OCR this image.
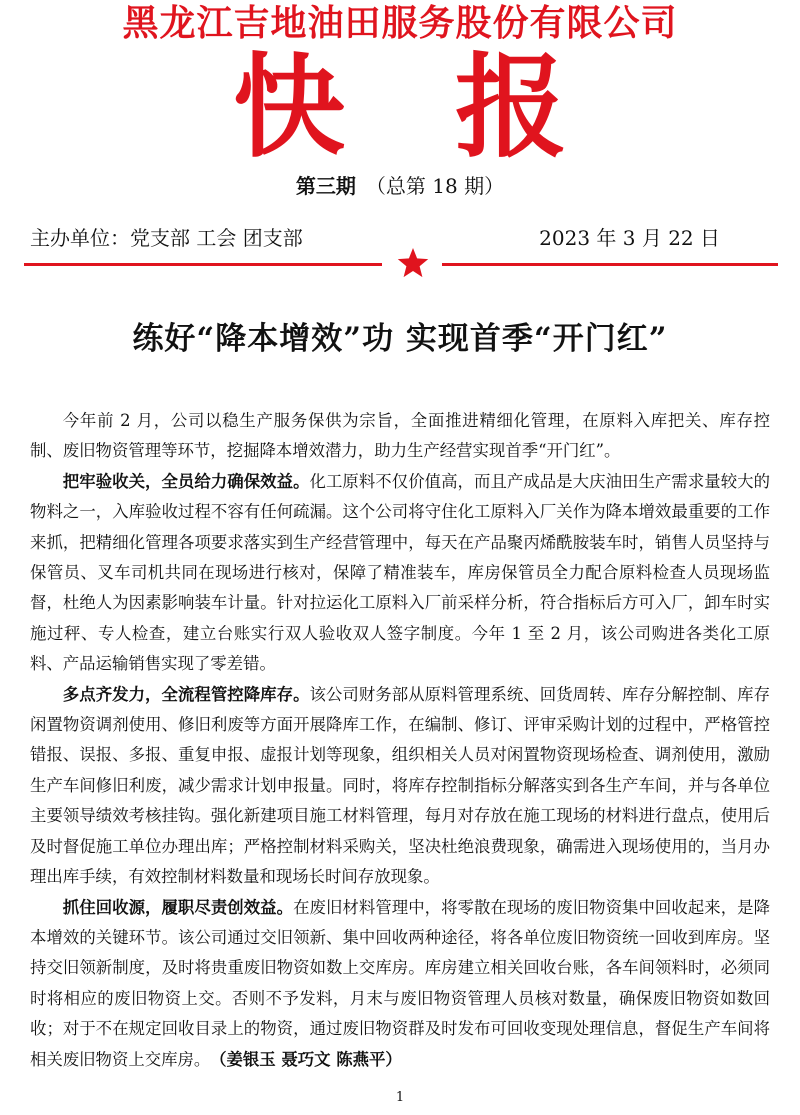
黑龙江吉地油田服务股份有限公司
快报
第三期 （总第 18 期）
主办单位：党支部 工会 团支部	2023 年 3 月 22 日
练好“降本增效”功 实现首季“开门红”

今年前 2 月，公司以稳生产服务保供为宗旨，全面推进精细化管理，在原料入库把关、库存控制、废旧物资管理等环节，挖掘降本增效潜力，助力生产经营实现首季“开门红”。

把牢验收关，全员给力确保效益。化工原料不仅价值高，而且产成品是大庆油田生产需求量较大的物料之一，入库验收过程不容有任何疏漏。这个公司将守住化工原料入厂关作为降本增效最重要的工作来抓，把精细化管理各项要求落实到生产经营管理中，每天在产品聚丙烯酰胺装车时，销售人员坚持与保管员、叉车司机共同在现场进行核对，保障了精准装车，库房保管员全力配合原料检查人员现场监督，杜绝人为因素影响装车计量。针对拉运化工原料入厂前采样分析，符合指标后方可入厂，卸车时实施过秤、专人检查，建立台账实行双人验收双人签字制度。今年 1 至 2 月，该公司购进各类化工原料、产品运输销售实现了零差错。

多点齐发力，全流程管控降库存。该公司财务部从原料管理系统、回货周转、库存分解控制、库存闲置物资调剂使用、修旧利废等方面开展降库工作，在编制、修订、评审采购计划的过程中，严格管控错报、误报、多报、重复申报、虚报计划等现象，组织相关人员对闲置物资现场检查、调剂使用，激励生产车间修旧利废，减少需求计划申报量。同时，将库存控制指标分解落实到各生产车间，并与各单位主要领导绩效考核挂钩。强化新建项目施工材料管理，每月对存放在施工现场的材料进行盘点，使用后及时督促施工单位办理出库；严格控制材料采购关，坚决杜绝浪费现象，确需进入现场使用的，当月办理出库手续，有效控制材料数量和现场长时间存放现象。

抓住回收源，履职尽责创效益。在废旧材料管理中，将零散在现场的废旧物资集中回收起来，是降本增效的关键环节。该公司通过交旧领新、集中回收两种途径，将各单位废旧物资统一回收到库房。坚持交旧领新制度，及时将贵重废旧物资如数上交库房。库房建立相关回收台账，各车间领料时，必须同时将相应的废旧物资上交。否则不予发料，月末与废旧物资管理人员核对数量，确保废旧物资如数回收；对于不在规定回收目录上的物资，通过废旧物资群及时发布可回收变现处理信息，督促生产车间将相关废旧物资上交库房。 （姜银玉 聂巧文 陈燕平）

1
